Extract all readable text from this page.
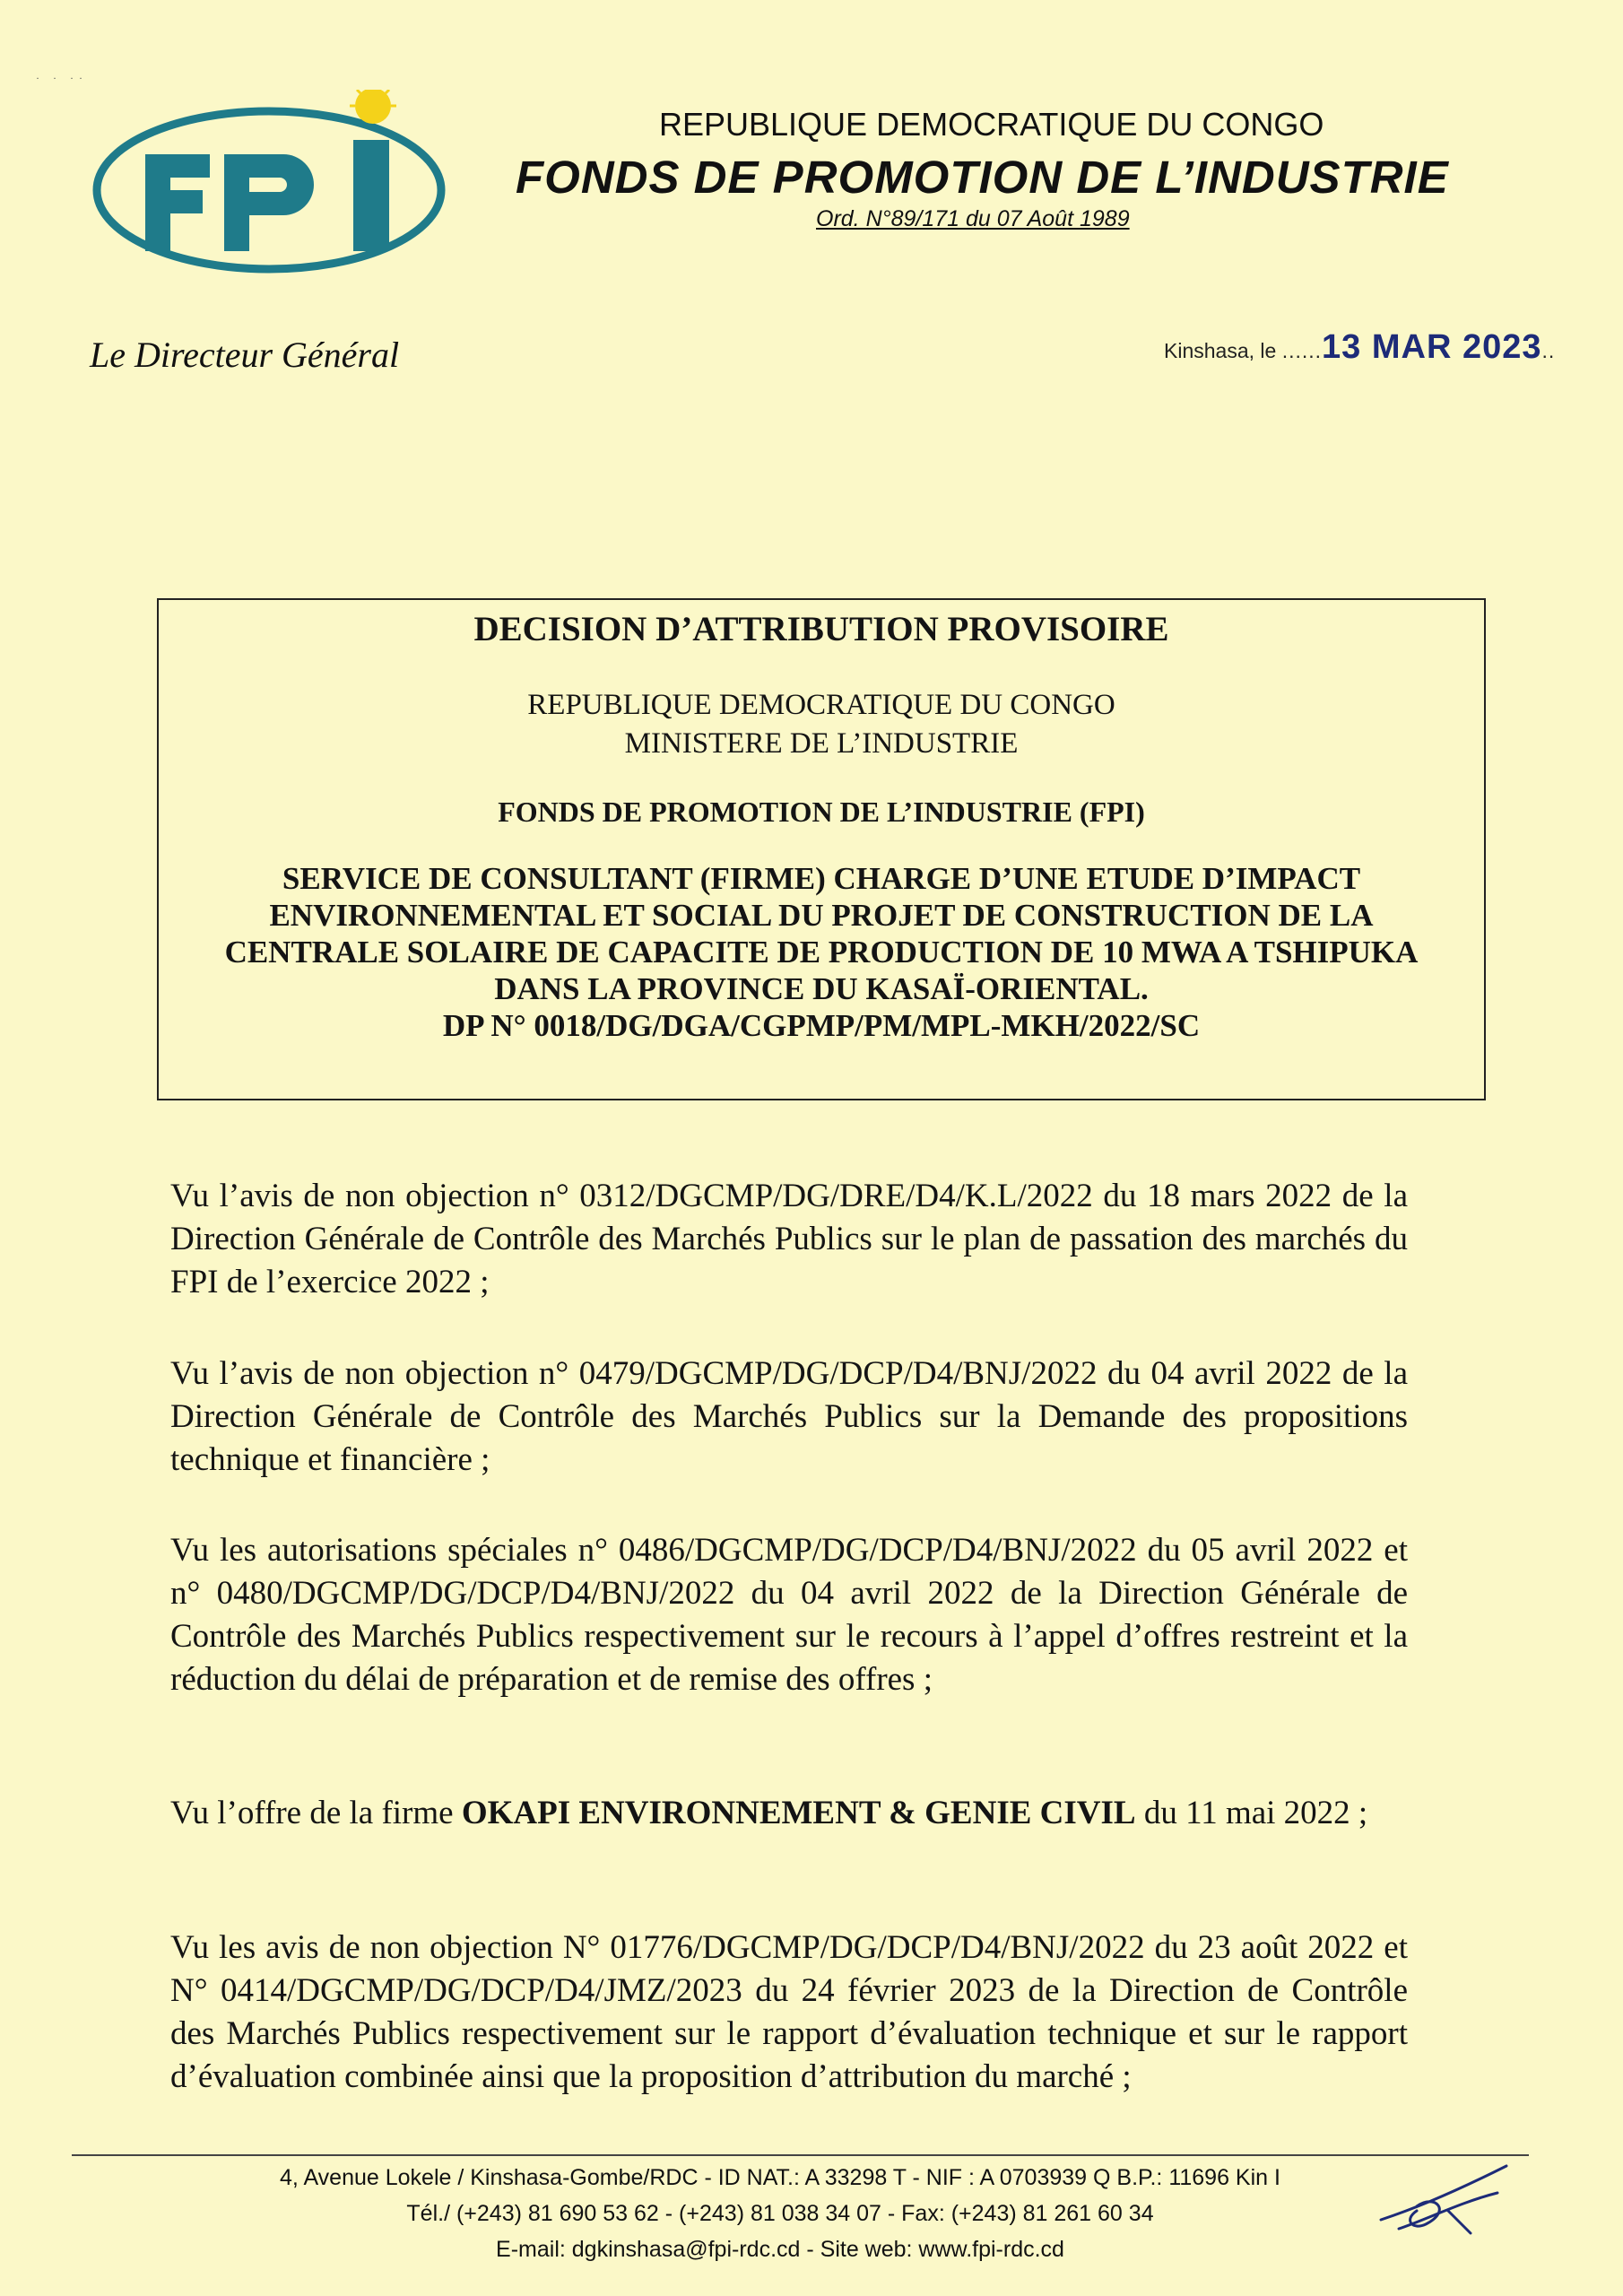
· · ··
FPI
REPUBLIQUE DEMOCRATIQUE DU CONGO
FONDS DE PROMOTION DE L’INDUSTRIE
Ord. N°89/171 du 07 Août 1989
Le Directeur Général	Kinshasa, le ......13 MAR 2023..
DECISION D’ATTRIBUTION PROVISOIRE
REPUBLIQUE DEMOCRATIQUE DU CONGO
MINISTERE DE L’INDUSTRIE
FONDS DE PROMOTION DE L’INDUSTRIE (FPI)
SERVICE DE CONSULTANT (FIRME) CHARGE D’UNE ETUDE D’IMPACT
ENVIRONNEMENTAL ET SOCIAL DU PROJET DE CONSTRUCTION DE LA
CENTRALE SOLAIRE DE CAPACITE DE PRODUCTION DE 10 MWA A TSHIPUKA
DANS LA PROVINCE DU KASAÏ-ORIENTAL.
DP N° 0018/DG/DGA/CGPMP/PM/MPL-MKH/2022/SC
Vu l’avis de non objection n° 0312/DGCMP/DG/DRE/D4/K.L/2022 du 18 mars 2022 de la Direction Générale de Contrôle des Marchés Publics sur le plan de passation des marchés du FPI de l’exercice 2022 ;
Vu l’avis de non objection n° 0479/DGCMP/DG/DCP/D4/BNJ/2022 du 04 avril 2022 de la Direction Générale de Contrôle des Marchés Publics sur la Demande des propositions technique et financière ;
Vu les autorisations spéciales n° 0486/DGCMP/DG/DCP/D4/BNJ/2022 du 05 avril 2022 et n° 0480/DGCMP/DG/DCP/D4/BNJ/2022 du 04 avril 2022 de la Direction Générale de Contrôle des Marchés Publics respectivement sur le recours à l’appel d’offres restreint et la réduction du délai de préparation et de remise des offres ;
Vu l’offre de la firme OKAPI ENVIRONNEMENT & GENIE CIVIL du 11 mai 2022 ;
Vu les avis de non objection N° 01776/DGCMP/DG/DCP/D4/BNJ/2022 du 23 août 2022 et N° 0414/DGCMP/DG/DCP/D4/JMZ/2023 du 24 février 2023 de la Direction de Contrôle des Marchés Publics respectivement sur le rapport d’évaluation technique et sur le rapport d’évaluation combinée ainsi que la proposition d’attribution du marché ;
4, Avenue Lokele / Kinshasa-Gombe/RDC - ID NAT.: A 33298 T - NIF : A 0703939 Q B.P.: 11696 Kin I
Tél./ (+243) 81 690 53 62 - (+243) 81 038 34 07 - Fax: (+243) 81 261 60 34
E-mail: dgkinshasa@fpi-rdc.cd - Site web: www.fpi-rdc.cd
